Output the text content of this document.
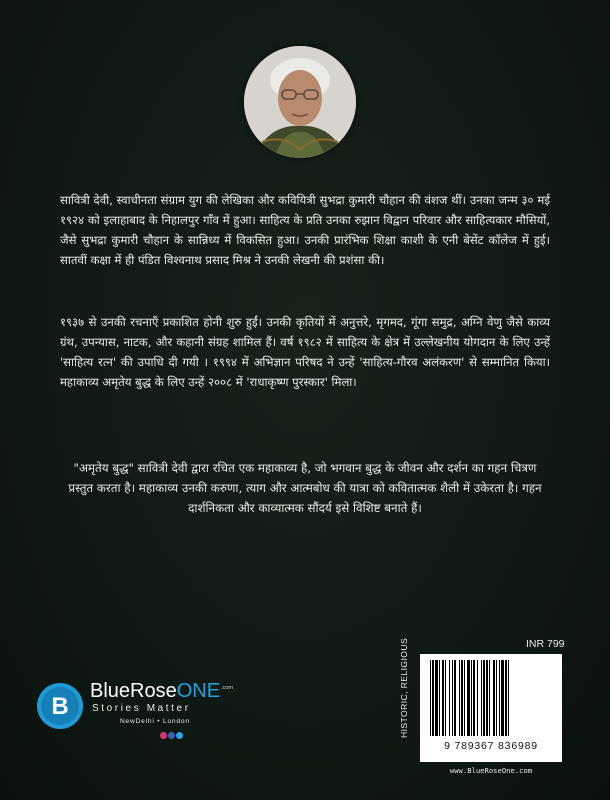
सावित्री देवी, स्वाधीनता संग्राम युग की लेखिका और कवियित्री सुभद्रा कुमारी चौहान की वंशज थीं। उनका जन्म ३० मई १९२४ को इलाहाबाद के निहालपुर गाँव में हुआ। साहित्य के प्रति उनका रुझान विद्वान परिवार और साहित्यकार मौसियों, जैसे सुभद्रा कुमारी चौहान के सान्निध्य में विकसित हुआ। उनकी प्रारंभिक शिक्षा काशी के एनी बेसेंट कॉलेज में हुई। सातवीं कक्षा में ही पंडित विश्वनाथ प्रसाद मिश्र ने उनकी लेखनी की प्रशंसा की।

१९३७ से उनकी रचनाएँ प्रकाशित होनी शुरु हुईं। उनकी कृतियों में अनुत्तरे, मृगमद, गूंगा समुद्र, अग्नि वेणु जैसे काव्य ग्रंथ, उपन्यास, नाटक, और कहानी संग्रह शामिल हैं। वर्ष १९८२ में साहित्य के क्षेत्र में उल्लेखनीय योगदान के लिए उन्हें 'साहित्य रत्न' की उपाधि दी गयी । १९९४ में अभिज्ञान परिषद ने उन्हें 'साहित्य-गौरव अलंकरण' से सम्मानित किया। महाकाव्य अमृतेय बुद्ध के लिए उन्हें २००८ में 'राधाकृष्ण पुरस्कार' मिला।

"अमृतेय बुद्ध" सावित्री देवी द्वारा रचित एक महाकाव्य है, जो भगवान बुद्ध के जीवन और दर्शन का गहन चित्रण प्रस्तुत करता है। महाकाव्य उनकी करुणा, त्याग और आत्मबोध की यात्रा को कवितात्मक शैली में उकेरता है। गहन दार्शनिकता और काव्यात्मक सौंदर्य इसे विशिष्ट बनाते हैं।

B
BlueRoseONE$^{.com}$
Stories Matter
NewDelhi • London
INR 799
HISTORIC, RELIGIOUS
9 789367 836989
www.BlueRoseOne.com
